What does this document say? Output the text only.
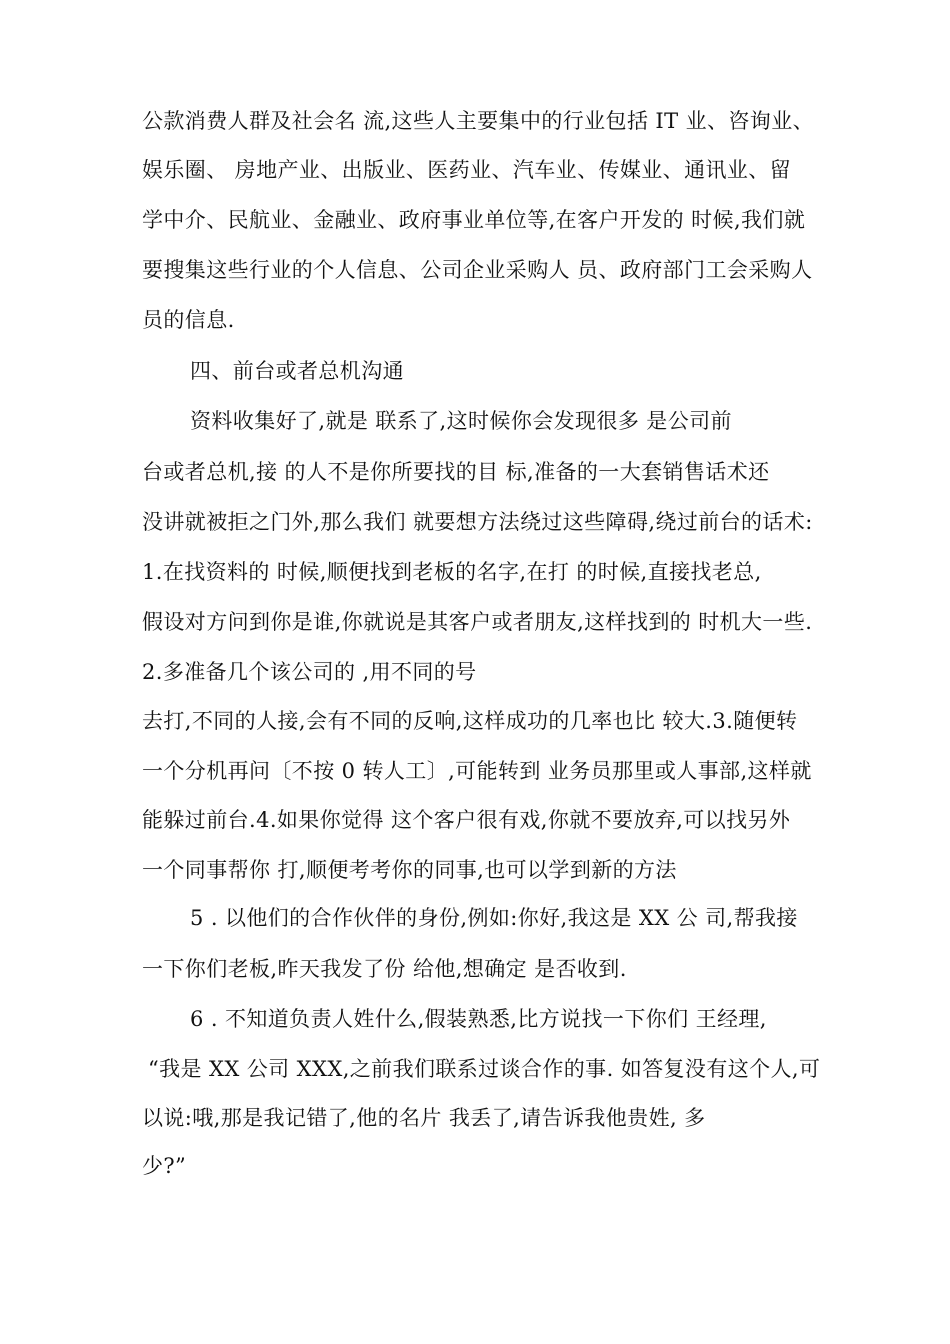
公款消费人群及社会名 流,这些人主要集中的行业包括 IT 业、咨询业、
娱乐圈、 房地产业、出版业、医药业、汽车业、传媒业、通讯业、留
学中介、民航业、金融业、政府事业单位等,在客户开发的 时候,我们就
要搜集这些行业的个人信息、公司企业采购人 员、政府部门工会采购人
员的信息.
四、前台或者总机沟通
资料收集好了,就是 联系了,这时候你会发现很多 是公司前
台或者总机,接 的人不是你所要找的目 标,准备的一大套销售话术还
没讲就被拒之门外,那么我们 就要想方法绕过这些障碍,绕过前台的话术:
1.在找资料的 时候,顺便找到老板的名字,在打 的时候,直接找老总,
假设对方问到你是谁,你就说是其客户或者朋友,这样找到的 时机大一些.
2.多准备几个该公司的 ,用不同的号
去打,不同的人接,会有不同的反响,这样成功的几率也比 较大.3.随便转
一个分机再问〔不按 0 转人工〕,可能转到 业务员那里或人事部,这样就
能躲过前台.4.如果你觉得 这个客户很有戏,你就不要放弃,可以找另外
一个同事帮你 打,顺便考考你的同事,也可以学到新的方法
5 . 以他们的合作伙伴的身份,例如:你好,我这是 XX 公 司,帮我接
一下你们老板,昨天我发了份 给他,想确定 是否收到.
6 . 不知道负责人姓什么,假装熟悉,比方说找一下你们 王经理,
“我是 XX 公司 XXX,之前我们联系过谈合作的事. 如答复没有这个人,可
以说:哦,那是我记错了,他的名片 我丢了,请告诉我他贵姓, 多
少?”
